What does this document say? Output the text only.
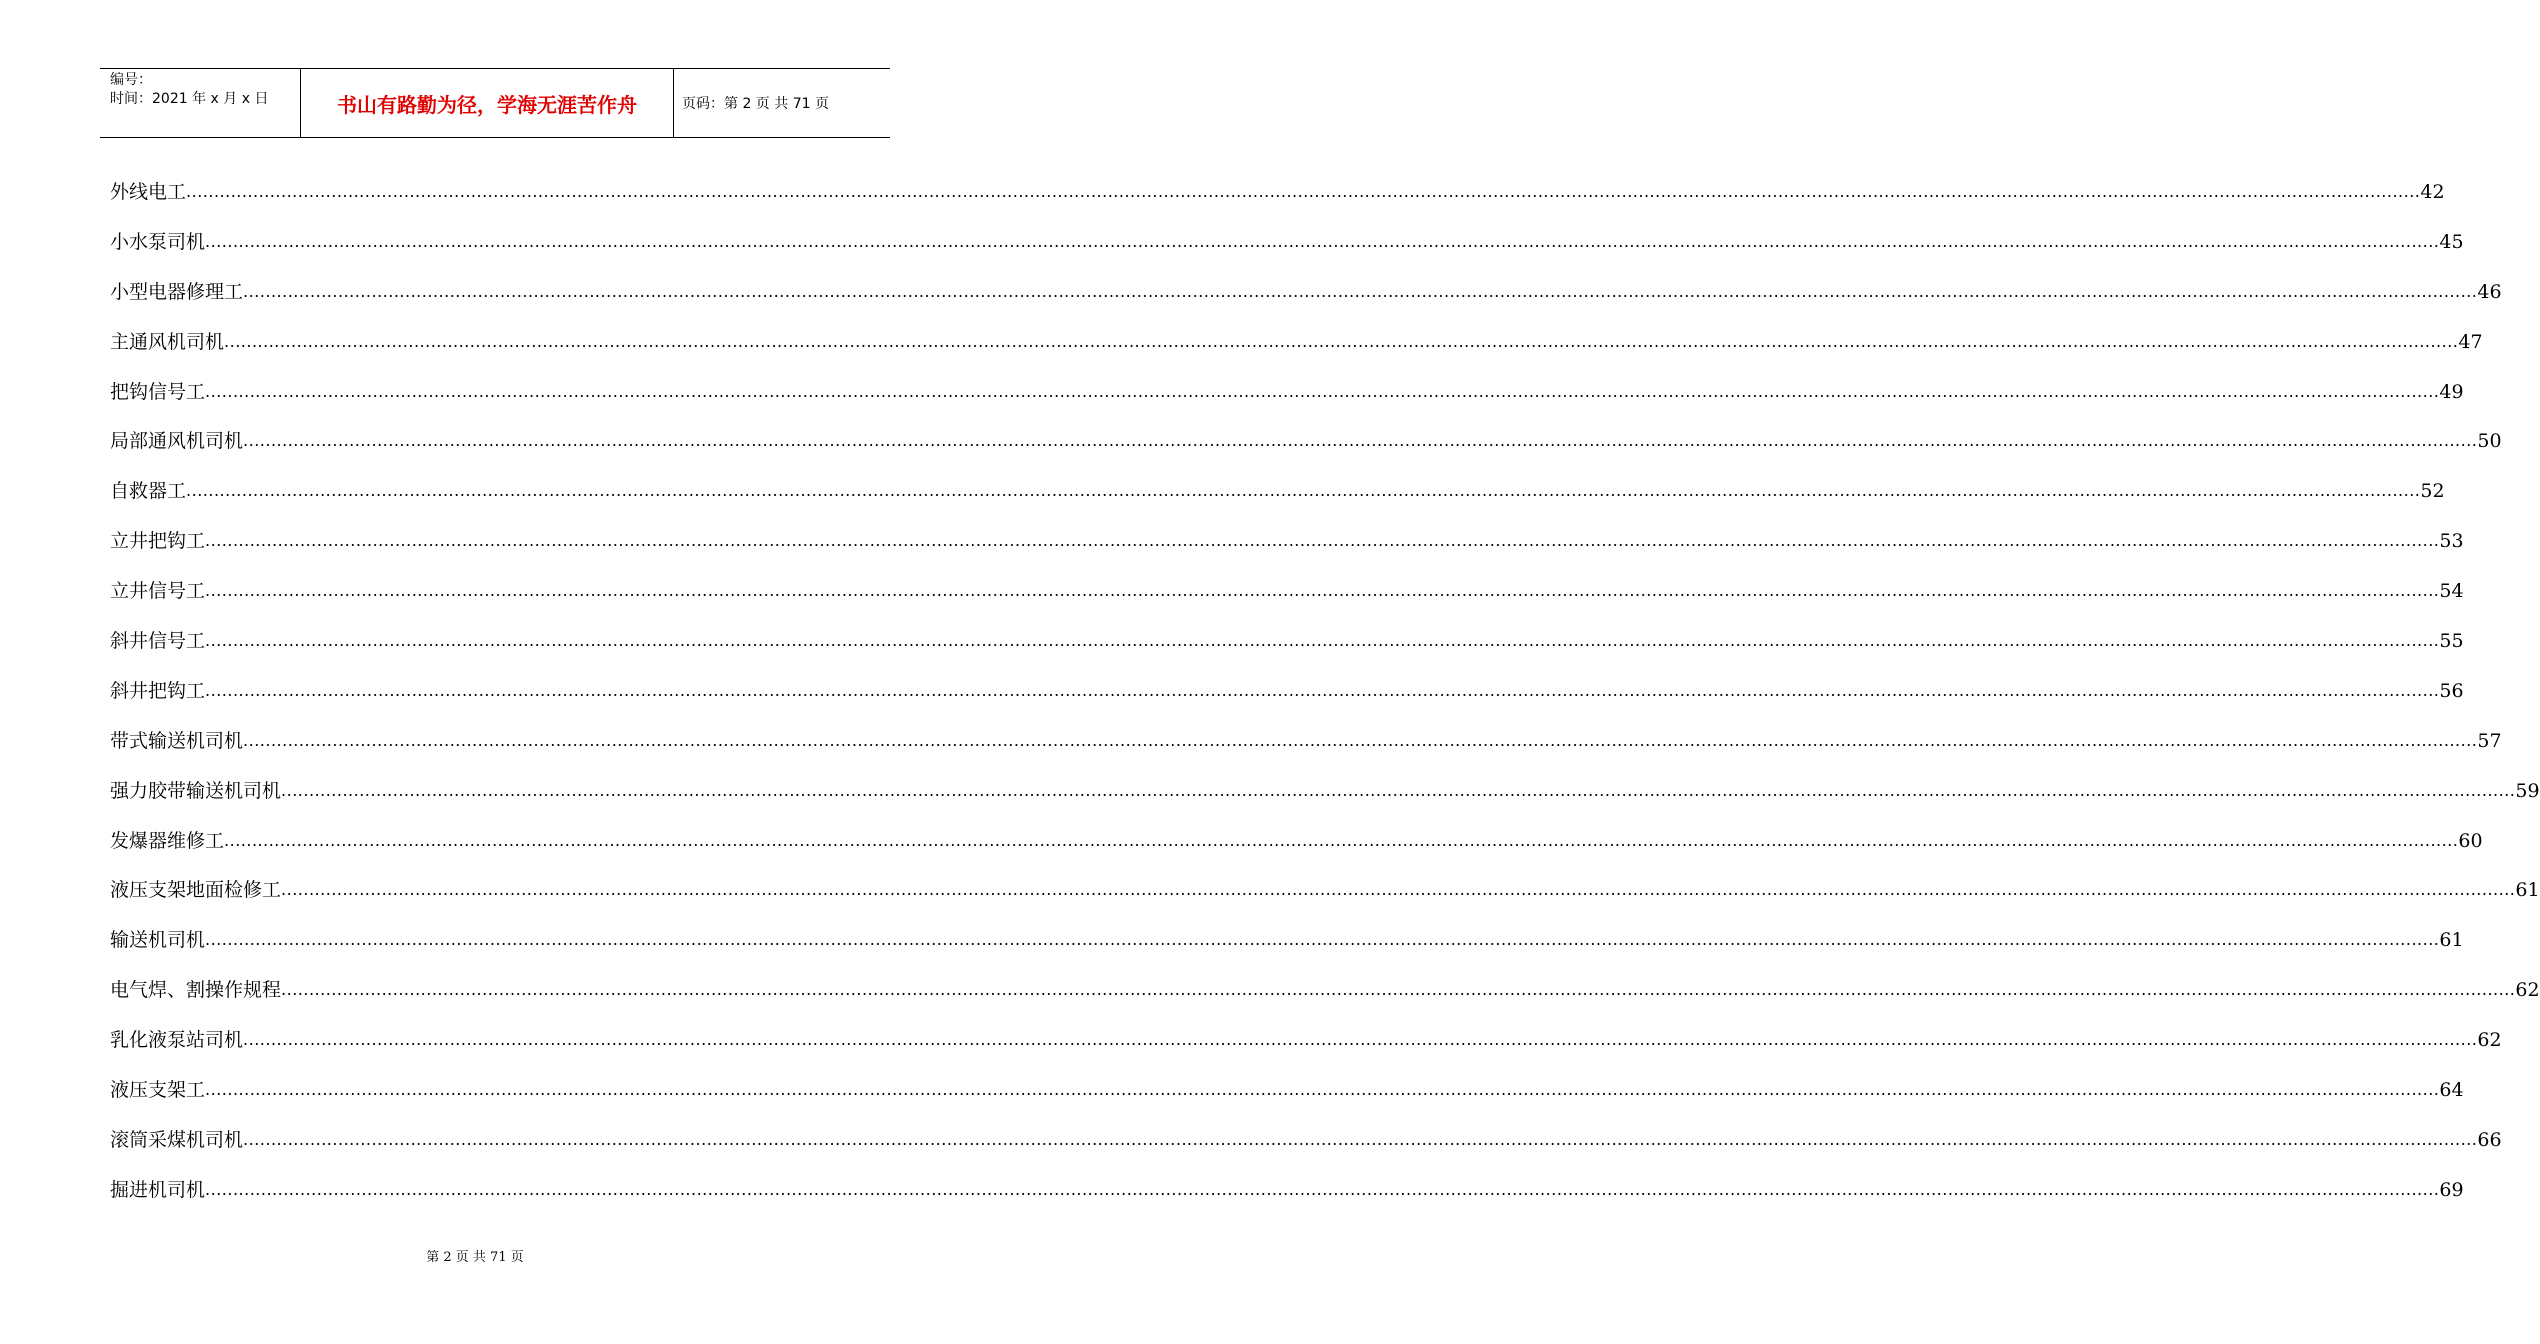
编号：
时间：2021 年 x 月 x 日	书山有路勤为径，学海无涯苦作舟	页码：第 2 页 共 71 页
外线电工 ................................................................................................................................................................................................................................................................................................................................................................................................................ 42
小水泵司机 ................................................................................................................................................................................................................................................................................................................................................................................................................ 45
小型电器修理工 ................................................................................................................................................................................................................................................................................................................................................................................................................ 46
主通风机司机 ................................................................................................................................................................................................................................................................................................................................................................................................................ 47
把钩信号工 ................................................................................................................................................................................................................................................................................................................................................................................................................ 49
局部通风机司机 ................................................................................................................................................................................................................................................................................................................................................................................................................ 50
自救器工 ................................................................................................................................................................................................................................................................................................................................................................................................................ 52
立井把钩工 ................................................................................................................................................................................................................................................................................................................................................................................................................ 53
立井信号工 ................................................................................................................................................................................................................................................................................................................................................................................................................ 54
斜井信号工 ................................................................................................................................................................................................................................................................................................................................................................................................................ 55
斜井把钩工 ................................................................................................................................................................................................................................................................................................................................................................................................................ 56
带式输送机司机 ................................................................................................................................................................................................................................................................................................................................................................................................................ 57
强力胶带输送机司机 ................................................................................................................................................................................................................................................................................................................................................................................................................ 59
发爆器维修工 ................................................................................................................................................................................................................................................................................................................................................................................................................ 60
液压支架地面检修工 ................................................................................................................................................................................................................................................................................................................................................................................................................ 61
输送机司机 ................................................................................................................................................................................................................................................................................................................................................................................................................ 61
电气焊、割操作规程 ................................................................................................................................................................................................................................................................................................................................................................................................................ 62
乳化液泵站司机 ................................................................................................................................................................................................................................................................................................................................................................................................................ 62
液压支架工 ................................................................................................................................................................................................................................................................................................................................................................................................................ 64
滚筒采煤机司机 ................................................................................................................................................................................................................................................................................................................................................................................................................ 66
掘进机司机 ................................................................................................................................................................................................................................................................................................................................................................................................................ 69
第 2 页 共 71 页
